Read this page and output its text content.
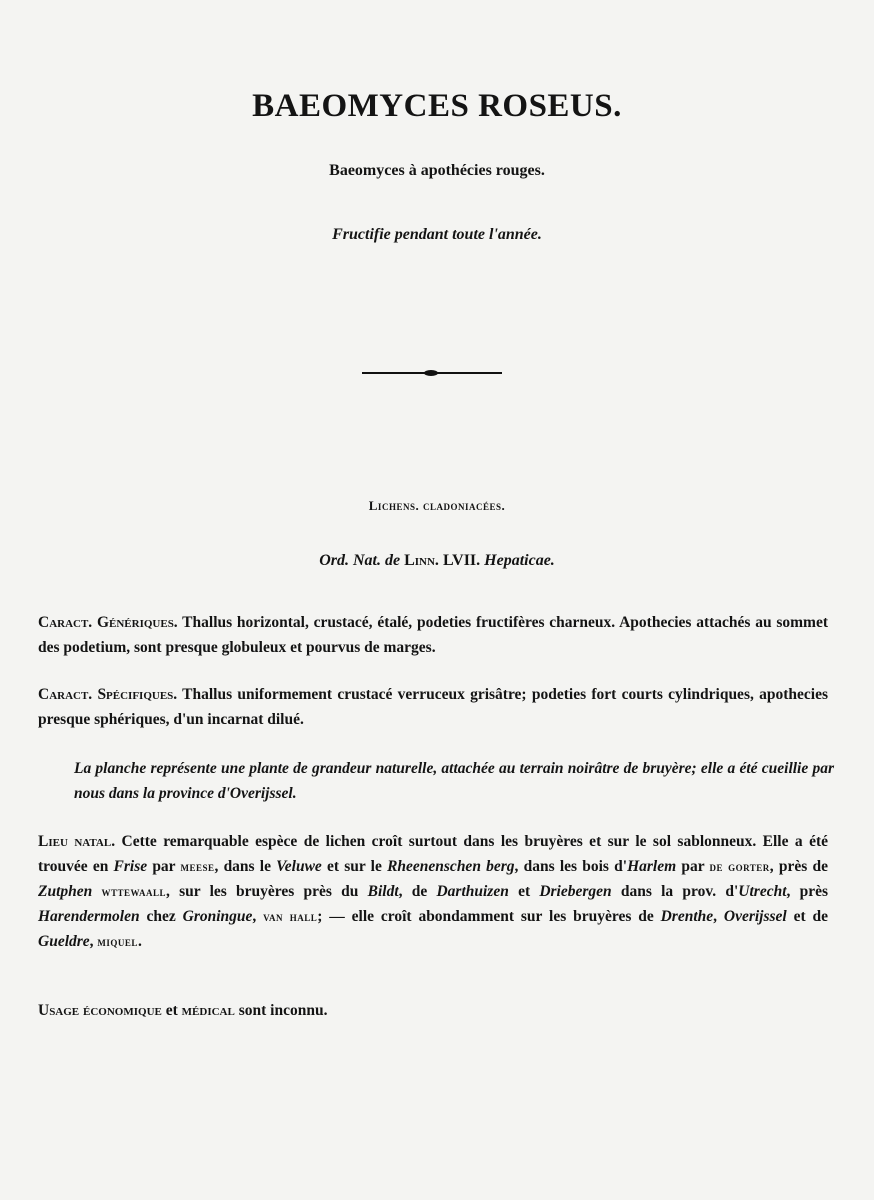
BAEOMYCES ROSEUS.
Baeomyces à apothécies rouges.
Fructifie pendant toute l'année.
Lichens. cladoniacées.
Ord. Nat. de Linn. LVII. Hepaticae.
Caract. Génériques. Thallus horizontal, crustacé, étalé, podeties fructifères charneux. Apothecies attachés au sommet des podetium, sont presque globuleux et pourvus de marges.
Caract. Spécifiques. Thallus uniformement crustacé verruceux grisâtre; podeties fort courts cylindriques, apothecies presque sphériques, d'un incarnat dilué.
La planche représente une plante de grandeur naturelle, attachée au terrain noirâtre de bruyère; elle a été cueillie par nous dans la province d'Overijssel.
Lieu natal. Cette remarquable espèce de lichen croît surtout dans les bruyères et sur le sol sablonneux. Elle a été trouvée en Frise par meese, dans le Veluwe et sur le Rheenenschen berg, dans les bois d'Harlem par de gorter, près de Zutphen wttewaall, sur les bruyères près du Bildt, de Darthuizen et Driebergen dans la prov. d'Utrecht, près Harendermolen chez Groningue, van hall; — elle croît abondamment sur les bruyères de Drenthe, Overijssel et de Gueldre, miquel.
Usage économique et médical sont inconnu.
